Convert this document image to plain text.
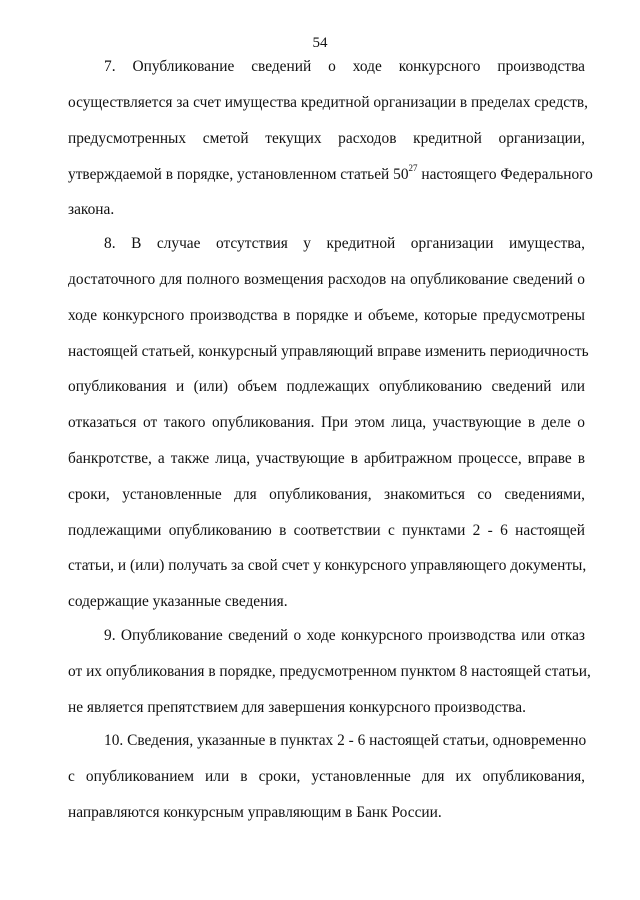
54
7. Опубликование сведений о ходе конкурсного производства
осуществляется за счет имущества кредитной организации в пределах средств,
предусмотренных сметой текущих расходов кредитной организации,
утверждаемой в порядке, установленном статьей $50^{27}$ настоящего Федерального
закона.
8. В случае отсутствия у кредитной организации имущества,
достаточного для полного возмещения расходов на опубликование сведений о
ходе конкурсного производства в порядке и объеме, которые предусмотрены
настоящей статьей, конкурсный управляющий вправе изменить периодичность
опубликования и (или) объем подлежащих опубликованию сведений или
отказаться от такого опубликования. При этом лица, участвующие в деле о
банкротстве, а также лица, участвующие в арбитражном процессе, вправе в
сроки, установленные для опубликования, знакомиться со сведениями,
подлежащими опубликованию в соответствии с пунктами 2 - 6 настоящей
статьи, и (или) получать за свой счет у конкурсного управляющего документы,
содержащие указанные сведения.
9. Опубликование сведений о ходе конкурсного производства или отказ
от их опубликования в порядке, предусмотренном пунктом 8 настоящей статьи,
не является препятствием для завершения конкурсного производства.
10. Сведения, указанные в пунктах 2 - 6 настоящей статьи, одновременно
с опубликованием или в сроки, установленные для их опубликования,
направляются конкурсным управляющим в Банк России.
